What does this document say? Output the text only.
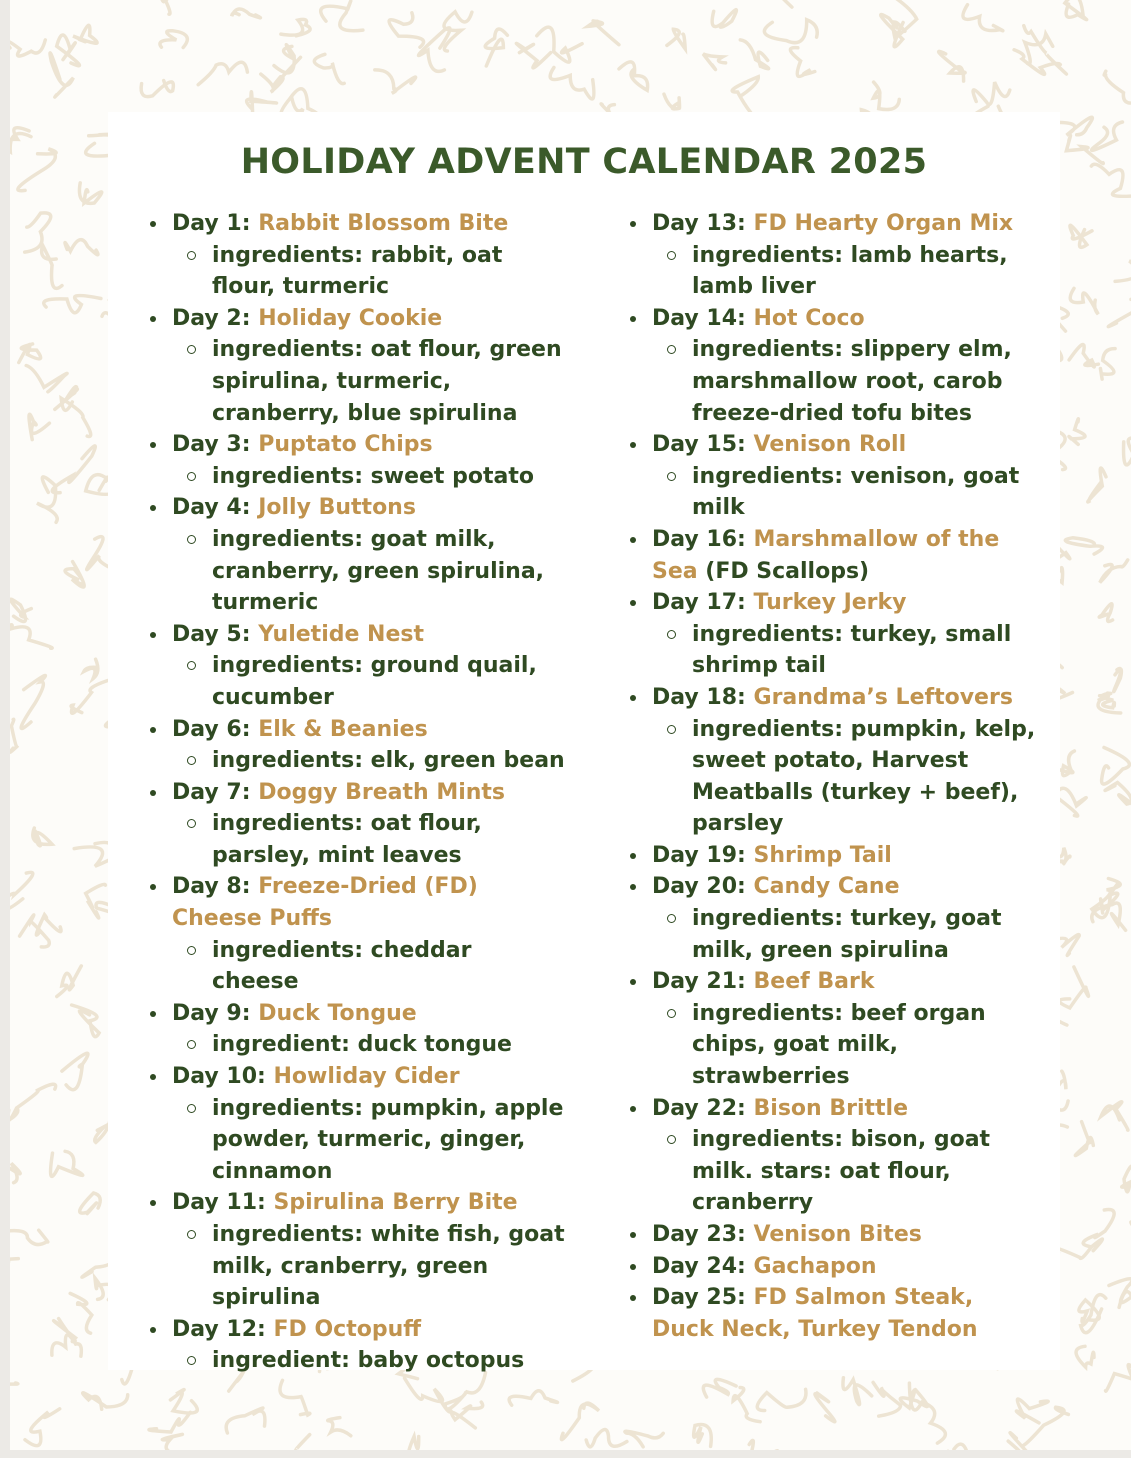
HOLIDAY ADVENT CALENDAR 2025
Day 1: Rabbit Blossom Bite
ingredients: rabbit, oat flour, turmeric
Day 2: Holiday Cookie
ingredients: oat flour, green spirulina, turmeric, cranberry, blue spirulina
Day 3: Puptato Chips
ingredients: sweet potato
Day 4: Jolly Buttons
ingredients: goat milk, cranberry, green spirulina, turmeric
Day 5: Yuletide Nest
ingredients: ground quail, cucumber
Day 6: Elk & Beanies
ingredients: elk, green bean
Day 7: Doggy Breath Mints
ingredients: oat flour, parsley, mint leaves
Day 8: Freeze-Dried (FD) Cheese Puffs
ingredients: cheddar cheese
Day 9: Duck Tongue
ingredient: duck tongue
Day 10: Howliday Cider
ingredients: pumpkin, apple powder, turmeric, ginger, cinnamon
Day 11: Spirulina Berry Bite
ingredients: white fish, goat milk, cranberry, green spirulina
Day 12: FD Octopuff
ingredient: baby octopus
Day 13: FD Hearty Organ Mix
ingredients: lamb hearts, lamb liver
Day 14: Hot Coco
ingredients: slippery elm, marshmallow root, carob freeze-dried tofu bites
Day 15: Venison Roll
ingredients: venison, goat milk
Day 16: Marshmallow of the Sea (FD Scallops)
Day 17: Turkey Jerky
ingredients: turkey, small shrimp tail
Day 18: Grandma’s Leftovers
ingredients: pumpkin, kelp, sweet potato, Harvest Meatballs (turkey + beef), parsley
Day 19: Shrimp Tail
Day 20: Candy Cane
ingredients: turkey, goat milk, green spirulina
Day 21: Beef Bark
ingredients: beef organ chips, goat milk, strawberries
Day 22: Bison Brittle
ingredients: bison, goat milk. stars: oat flour, cranberry
Day 23: Venison Bites
Day 24: Gachapon
Day 25: FD Salmon Steak, Duck Neck, Turkey Tendon
